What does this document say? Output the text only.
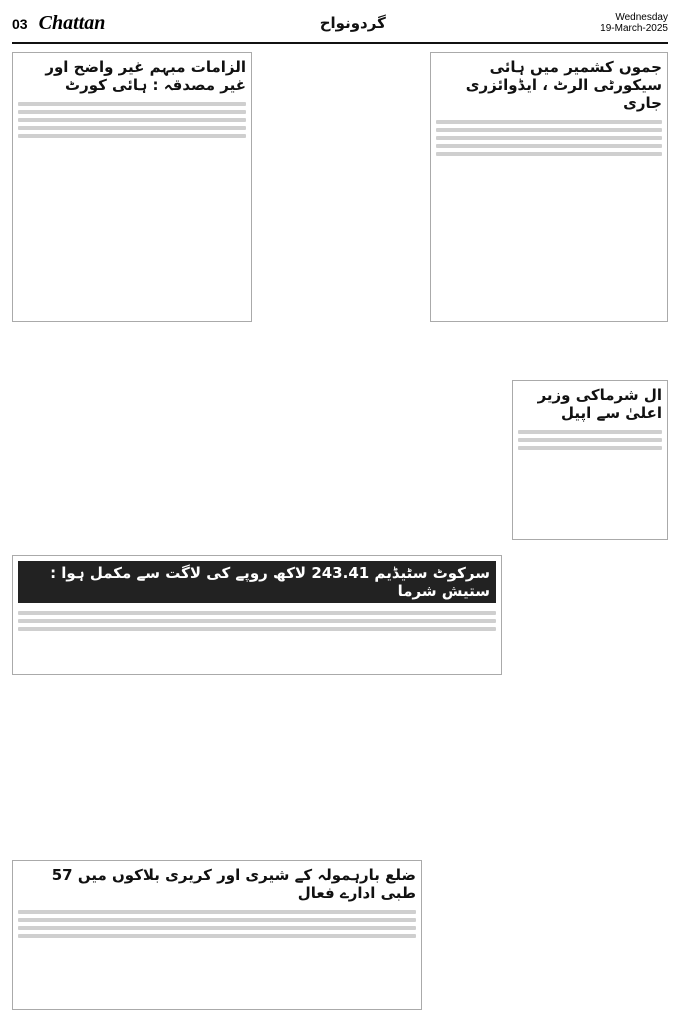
03 Chattan	گردونواح	Wednesday
19-March-2025
الزامات مبہم غیر واضح اور غیر مصدقہ : ہائی کورٹ
جموں کشمیر میں ہائی سیکورٹی الرٹ ، ایڈوائزری جاری
ال شرماکی وزیر اعلیٰ سے اپیل
سرکوٹ سٹیڈیم 243.41 لاکھ روپے کی لاگت سے مکمل ہوا : ستیش شرما
ضلع بارہمولہ کے شیری اور کریری بلاکوں میں 57 طبی ادارے فعال
